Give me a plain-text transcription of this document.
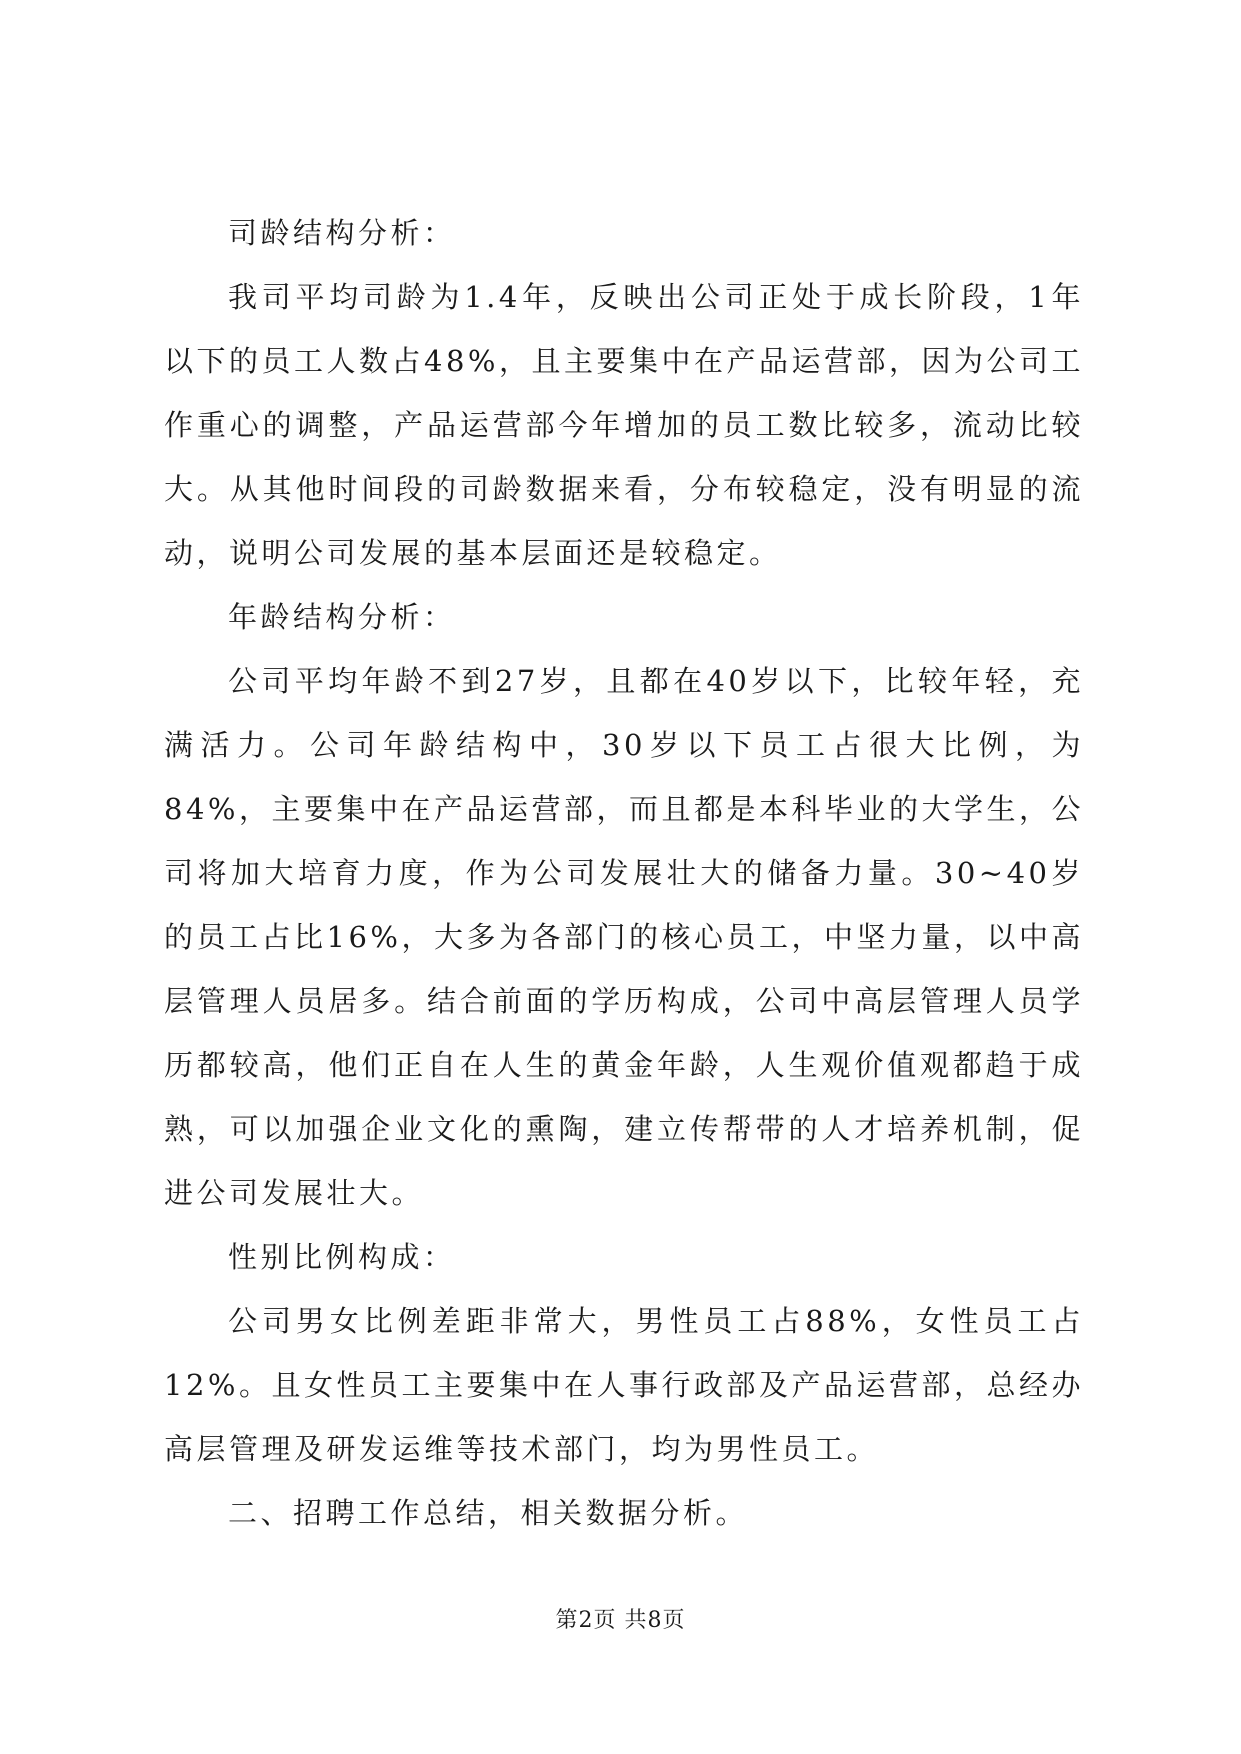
司龄结构分析：

我司平均司龄为1.4年，反映出公司正处于成长阶段，1年以下的员工人数占48%，且主要集中在产品运营部，因为公司工作重心的调整，产品运营部今年增加的员工数比较多，流动比较大。从其他时间段的司龄数据来看，分布较稳定，没有明显的流动，说明公司发展的基本层面还是较稳定。

年龄结构分析：

公司平均年龄不到27岁，且都在40岁以下，比较年轻，充满活力。公司年龄结构中，30岁以下员工占很大比例，为84%，主要集中在产品运营部，而且都是本科毕业的大学生，公司将加大培育力度，作为公司发展壮大的储备力量。30~40岁的员工占比16%，大多为各部门的核心员工，中坚力量，以中高层管理人员居多。结合前面的学历构成，公司中高层管理人员学历都较高，他们正自在人生的黄金年龄，人生观价值观都趋于成熟，可以加强企业文化的熏陶，建立传帮带的人才培养机制，促进公司发展壮大。

性别比例构成：

公司男女比例差距非常大，男性员工占88%，女性员工占12%。且女性员工主要集中在人事行政部及产品运营部，总经办高层管理及研发运维等技术部门，均为男性员工。

二、招聘工作总结，相关数据分析。

第2页 共8页
